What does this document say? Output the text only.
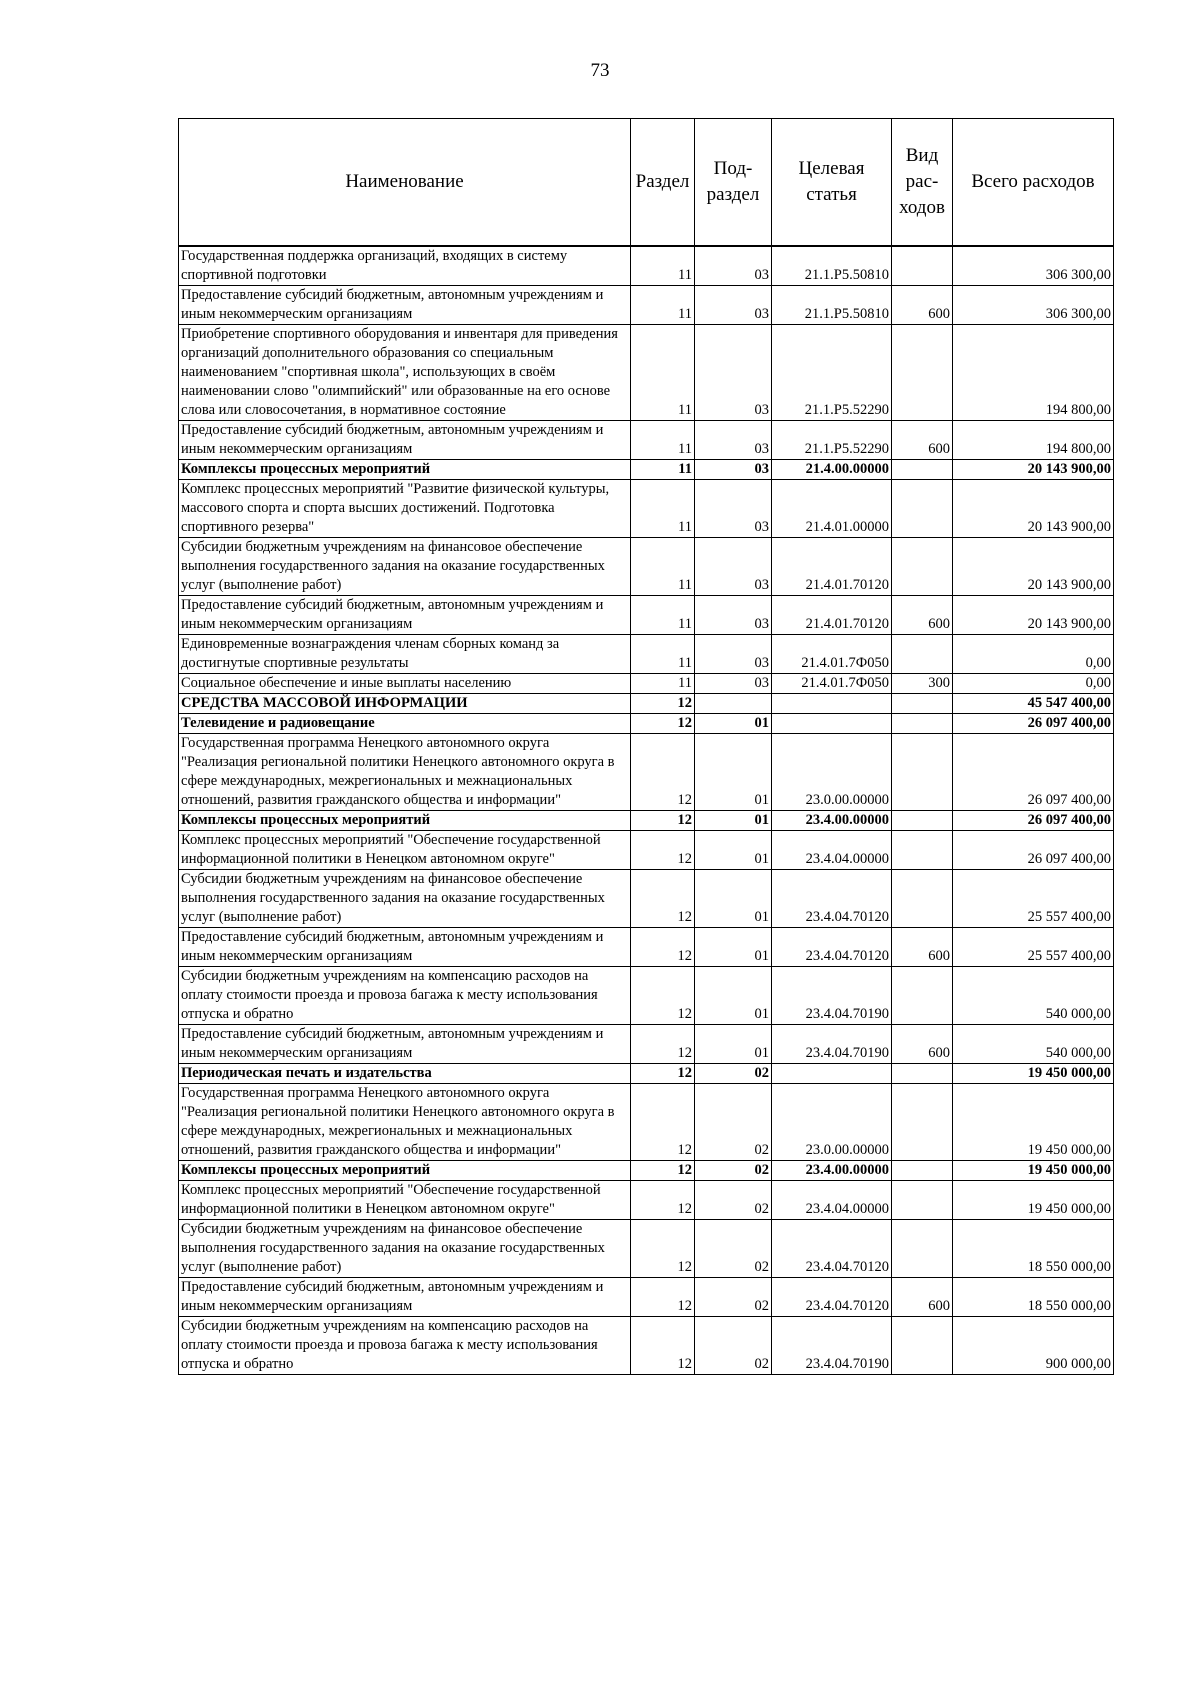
73
Наименование	Раздел	Под-раздел	Целевая статья	Вид рас-ходов	Всего расходов
Государственная поддержка организаций, входящих в систему спортивной подготовки	11	03	21.1.Р5.50810		306 300,00
Предоставление субсидий бюджетным, автономным учреждениям и иным некоммерческим организациям	11	03	21.1.Р5.50810	600	306 300,00
Приобретение спортивного оборудования и инвентаря для приведения организаций дополнительного образования со специальным наименованием "спортивная школа", использующих в своём наименовании слово "олимпийский" или образованные на его основе слова или словосочетания, в нормативное состояние	11	03	21.1.Р5.52290		194 800,00
Предоставление субсидий бюджетным, автономным учреждениям и иным некоммерческим организациям	11	03	21.1.Р5.52290	600	194 800,00
Комплексы процессных мероприятий	11	03	21.4.00.00000		20 143 900,00
Комплекс процессных мероприятий "Развитие физической культуры, массового спорта и спорта высших достижений. Подготовка спортивного резерва"	11	03	21.4.01.00000		20 143 900,00
Субсидии бюджетным учреждениям на финансовое обеспечение выполнения государственного задания на оказание государственных услуг (выполнение работ)	11	03	21.4.01.70120		20 143 900,00
Предоставление субсидий бюджетным, автономным учреждениям и иным некоммерческим организациям	11	03	21.4.01.70120	600	20 143 900,00
Единовременные вознаграждения членам сборных команд за достигнутые спортивные результаты	11	03	21.4.01.7Ф050		0,00
Социальное обеспечение и иные выплаты населению	11	03	21.4.01.7Ф050	300	0,00
СРЕДСТВА МАССОВОЙ ИНФОРМАЦИИ	12				45 547 400,00
Телевидение и радиовещание	12	01			26 097 400,00
Государственная программа Ненецкого автономного округа "Реализация региональной политики Ненецкого автономного округа в сфере международных, межрегиональных и межнациональных отношений, развития гражданского общества и информации"	12	01	23.0.00.00000		26 097 400,00
Комплексы процессных мероприятий	12	01	23.4.00.00000		26 097 400,00
Комплекс процессных мероприятий "Обеспечение государственной информационной политики в Ненецком автономном округе"	12	01	23.4.04.00000		26 097 400,00
Субсидии бюджетным учреждениям на финансовое обеспечение выполнения государственного задания на оказание государственных услуг (выполнение работ)	12	01	23.4.04.70120		25 557 400,00
Предоставление субсидий бюджетным, автономным учреждениям и иным некоммерческим организациям	12	01	23.4.04.70120	600	25 557 400,00
Субсидии бюджетным учреждениям на компенсацию расходов на оплату стоимости проезда и провоза багажа к месту использования отпуска и обратно	12	01	23.4.04.70190		540 000,00
Предоставление субсидий бюджетным, автономным учреждениям и иным некоммерческим организациям	12	01	23.4.04.70190	600	540 000,00
Периодическая печать и издательства	12	02			19 450 000,00
Государственная программа Ненецкого автономного округа "Реализация региональной политики Ненецкого автономного округа в сфере международных, межрегиональных и межнациональных отношений, развития гражданского общества и информации"	12	02	23.0.00.00000		19 450 000,00
Комплексы процессных мероприятий	12	02	23.4.00.00000		19 450 000,00
Комплекс процессных мероприятий "Обеспечение государственной информационной политики в Ненецком автономном округе"	12	02	23.4.04.00000		19 450 000,00
Субсидии бюджетным учреждениям на финансовое обеспечение выполнения государственного задания на оказание государственных услуг (выполнение работ)	12	02	23.4.04.70120		18 550 000,00
Предоставление субсидий бюджетным, автономным учреждениям и иным некоммерческим организациям	12	02	23.4.04.70120	600	18 550 000,00
Субсидии бюджетным учреждениям на компенсацию расходов на оплату стоимости проезда и провоза багажа к месту использования отпуска и обратно	12	02	23.4.04.70190		900 000,00
